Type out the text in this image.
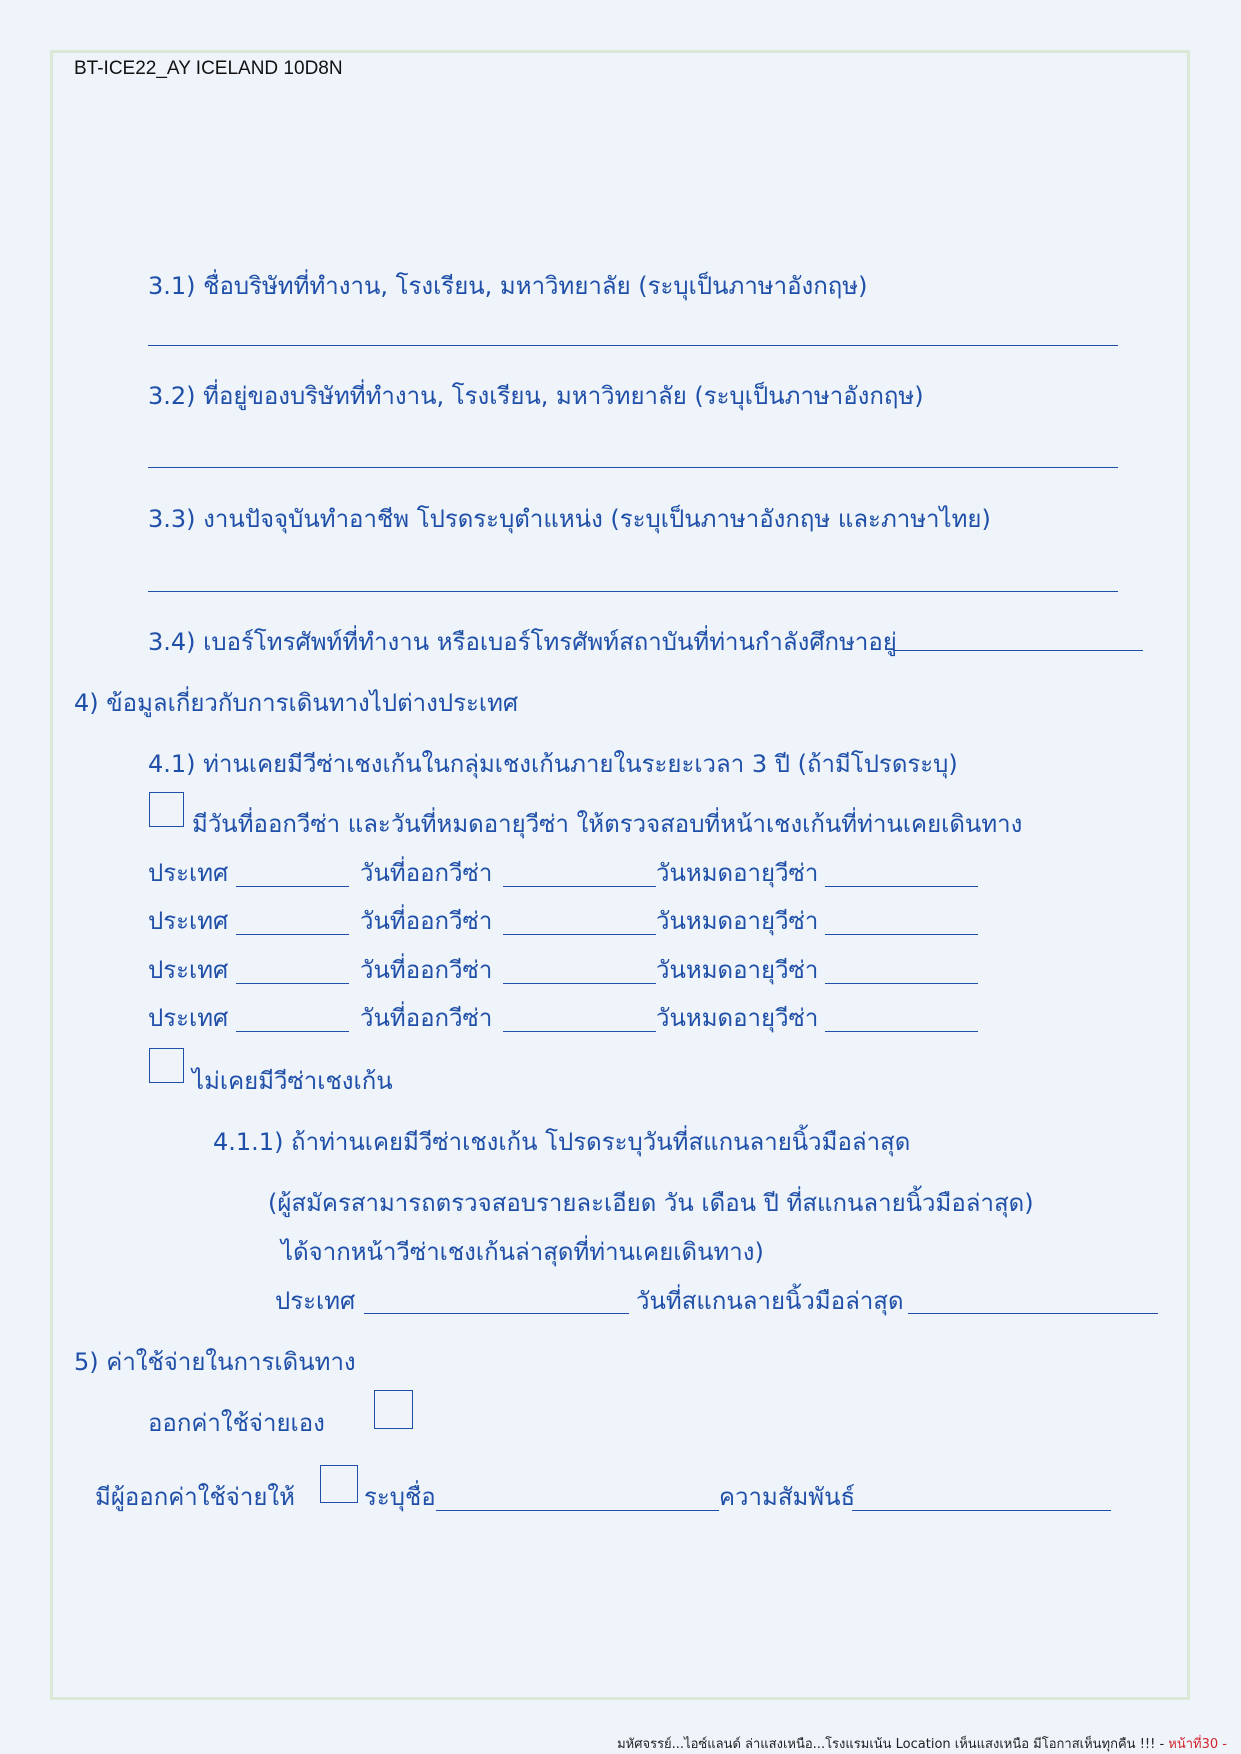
BT-ICE22_AY ICELAND 10D8N
3.1) ชื่อบริษัทที่ทำงาน, โรงเรียน, มหาวิทยาลัย (ระบุเป็นภาษาอังกฤษ)
3.2) ที่อยู่ของบริษัทที่ทำงาน, โรงเรียน, มหาวิทยาลัย (ระบุเป็นภาษาอังกฤษ)
3.3) งานปัจจุบันทำอาชีพ โปรดระบุตำแหน่ง (ระบุเป็นภาษาอังกฤษ และภาษาไทย)
3.4) เบอร์โทรศัพท์ที่ทำงาน หรือเบอร์โทรศัพท์สถาบันที่ท่านกำลังศึกษาอยู่
4) ข้อมูลเกี่ยวกับการเดินทางไปต่างประเทศ
4.1) ท่านเคยมีวีซ่าเชงเก้นในกลุ่มเชงเก้นภายในระยะเวลา 3 ปี (ถ้ามีโปรดระบุ)
มีวันที่ออกวีซ่า และวันที่หมดอายุวีซ่า ให้ตรวจสอบที่หน้าเชงเก้นที่ท่านเคยเดินทาง
ประเทศ	วันที่ออกวีซ่า	วันหมดอายุวีซ่า
ประเทศ	วันที่ออกวีซ่า	วันหมดอายุวีซ่า
ประเทศ	วันที่ออกวีซ่า	วันหมดอายุวีซ่า
ประเทศ	วันที่ออกวีซ่า	วันหมดอายุวีซ่า
ไม่เคยมีวีซ่าเชงเก้น
4.1.1) ถ้าท่านเคยมีวีซ่าเชงเก้น โปรดระบุวันที่สแกนลายนิ้วมือล่าสุด
(ผู้สมัครสามารถตรวจสอบรายละเอียด วัน เดือน ปี ที่สแกนลายนิ้วมือล่าสุด)
ได้จากหน้าวีซ่าเชงเก้นล่าสุดที่ท่านเคยเดินทาง)
ประเทศ	วันที่สแกนลายนิ้วมือล่าสุด
5) ค่าใช้จ่ายในการเดินทาง
ออกค่าใช้จ่ายเอง
มีผู้ออกค่าใช้จ่ายให้	ระบุชื่อ	ความสัมพันธ์
มหัศจรรย์...ไอซ์แลนด์ ล่าแสงเหนือ...โรงแรมเน้น Location เห็นแสงเหนือ มีโอกาสเห็นทุกคืน !!! - หน้าที่30 -
